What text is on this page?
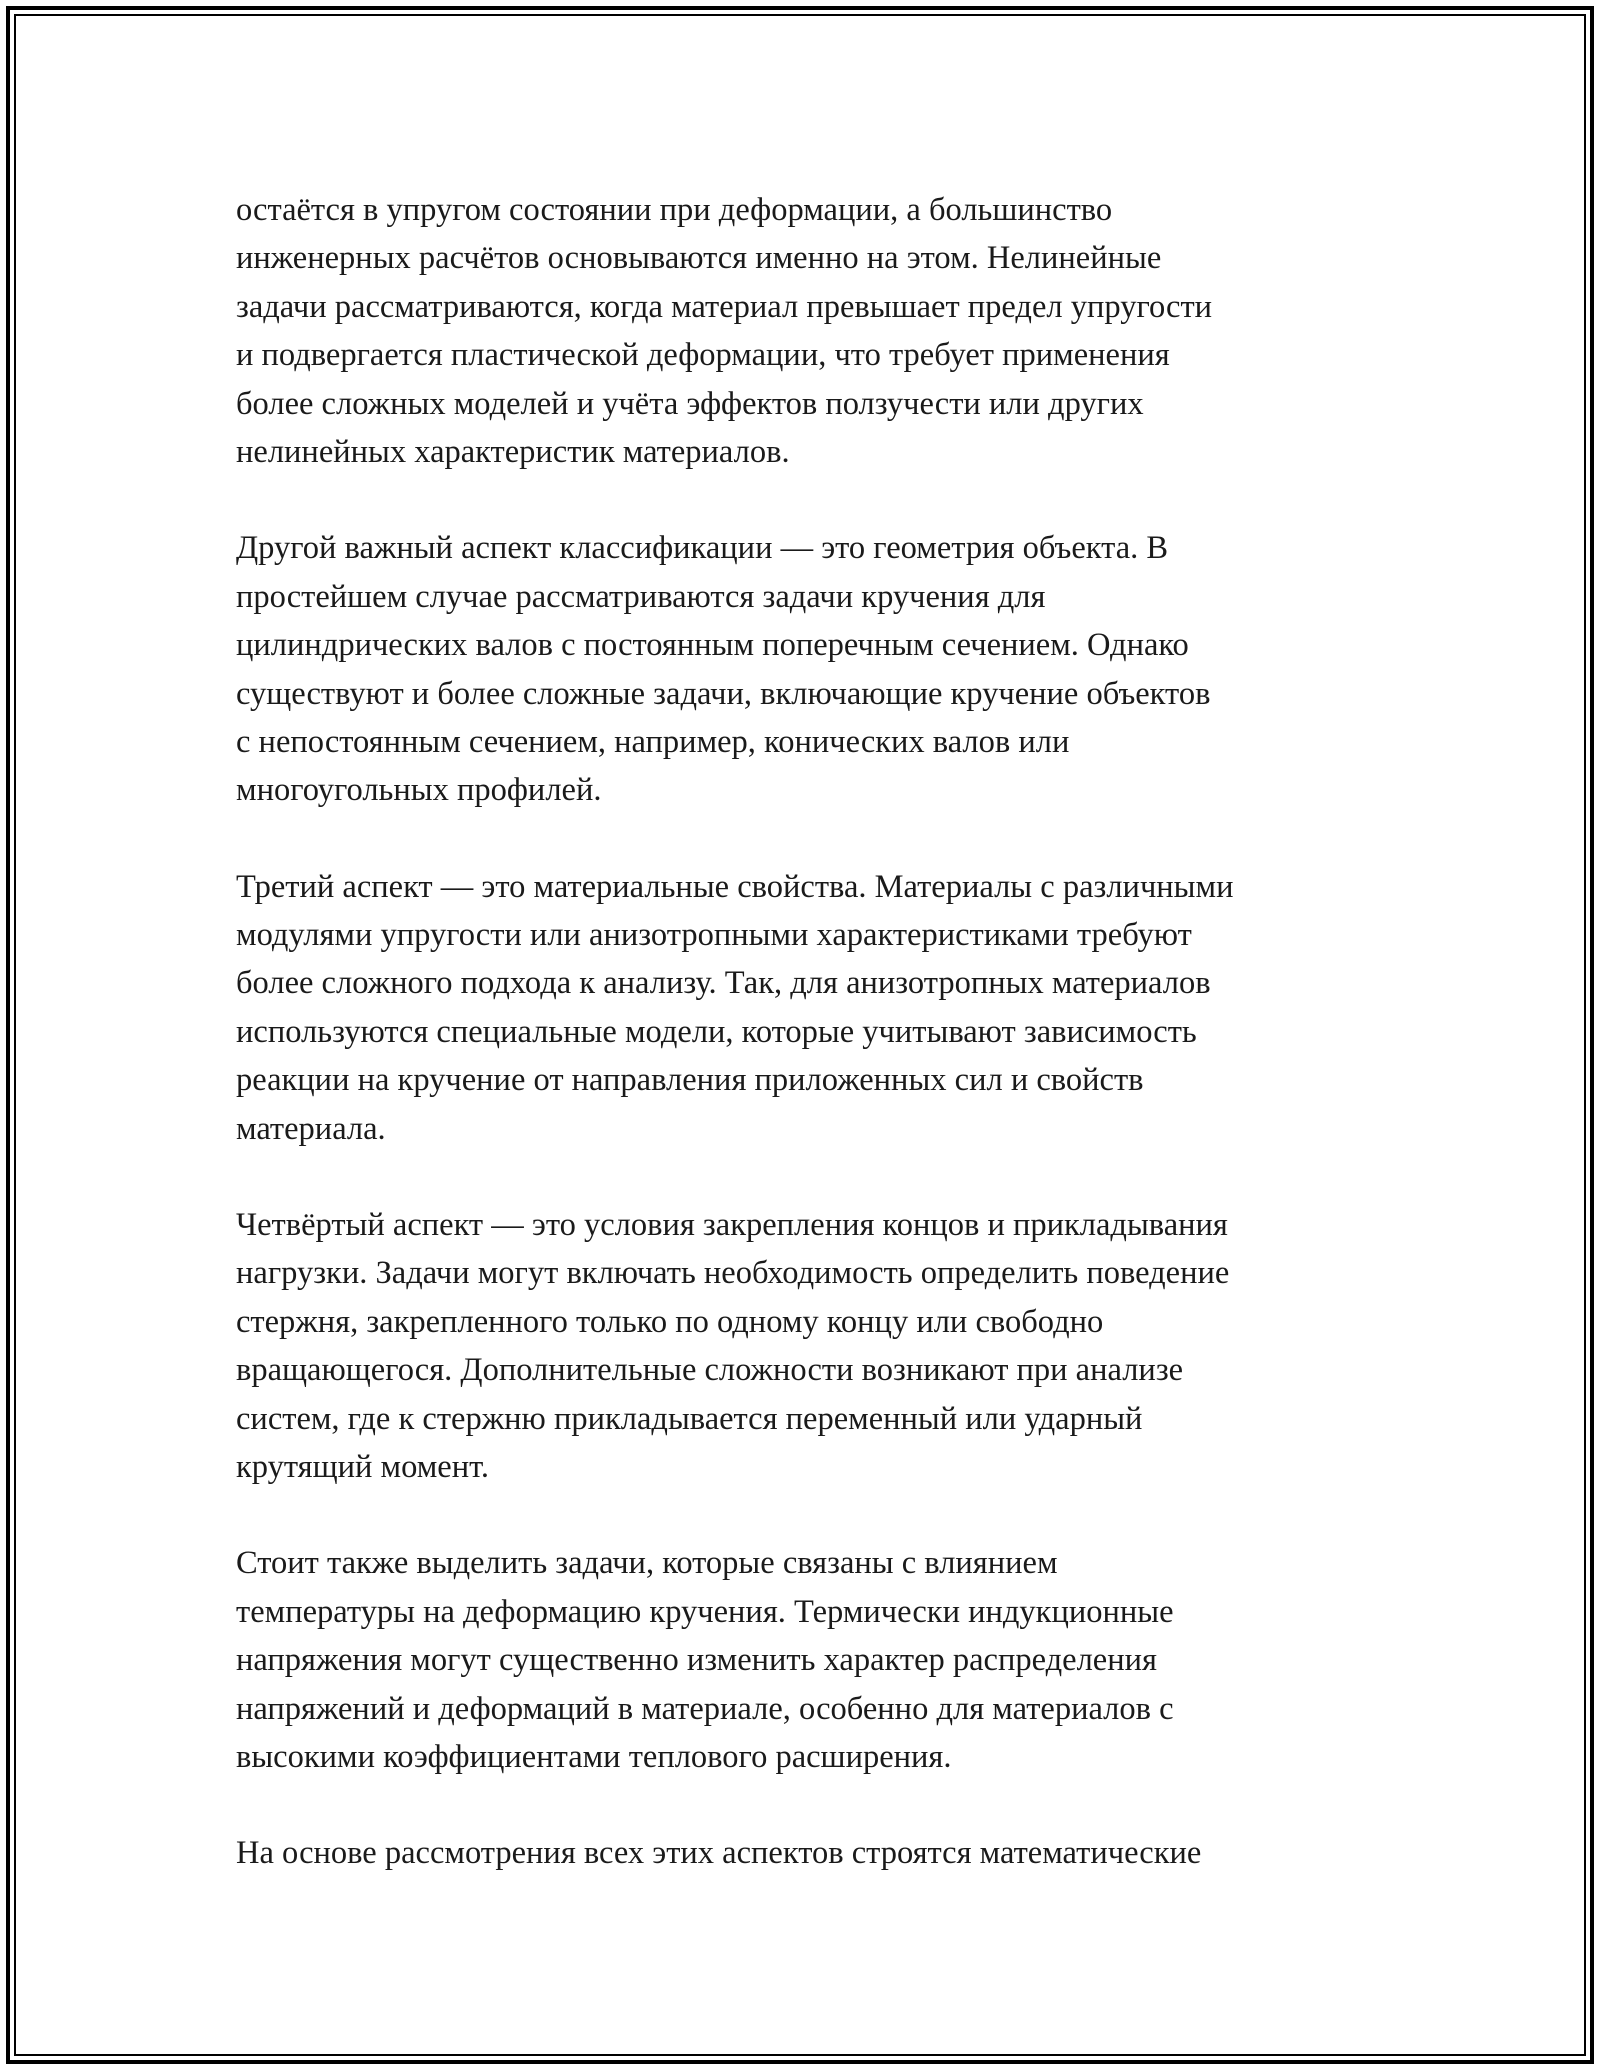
остаётся в упругом состоянии при деформации, а большинство
инженерных расчётов основываются именно на этом. Нелинейные
задачи рассматриваются, когда материал превышает предел упругости
и подвергается пластической деформации, что требует применения
более сложных моделей и учёта эффектов ползучести или других
нелинейных характеристик материалов.

Другой важный аспект классификации — это геометрия объекта. В
простейшем случае рассматриваются задачи кручения для
цилиндрических валов с постоянным поперечным сечением. Однако
существуют и более сложные задачи, включающие кручение объектов
с непостоянным сечением, например, конических валов или
многоугольных профилей.

Третий аспект — это материальные свойства. Материалы с различными
модулями упругости или анизотропными характеристиками требуют
более сложного подхода к анализу. Так, для анизотропных материалов
используются специальные модели, которые учитывают зависимость
реакции на кручение от направления приложенных сил и свойств
материала.

Четвёртый аспект — это условия закрепления концов и прикладывания
нагрузки. Задачи могут включать необходимость определить поведение
стержня, закрепленного только по одному концу или свободно
вращающегося. Дополнительные сложности возникают при анализе
систем, где к стержню прикладывается переменный или ударный
крутящий момент.

Стоит также выделить задачи, которые связаны с влиянием
температуры на деформацию кручения. Термически индукционные
напряжения могут существенно изменить характер распределения
напряжений и деформаций в материале, особенно для материалов с
высокими коэффициентами теплового расширения.

На основе рассмотрения всех этих аспектов строятся математические
